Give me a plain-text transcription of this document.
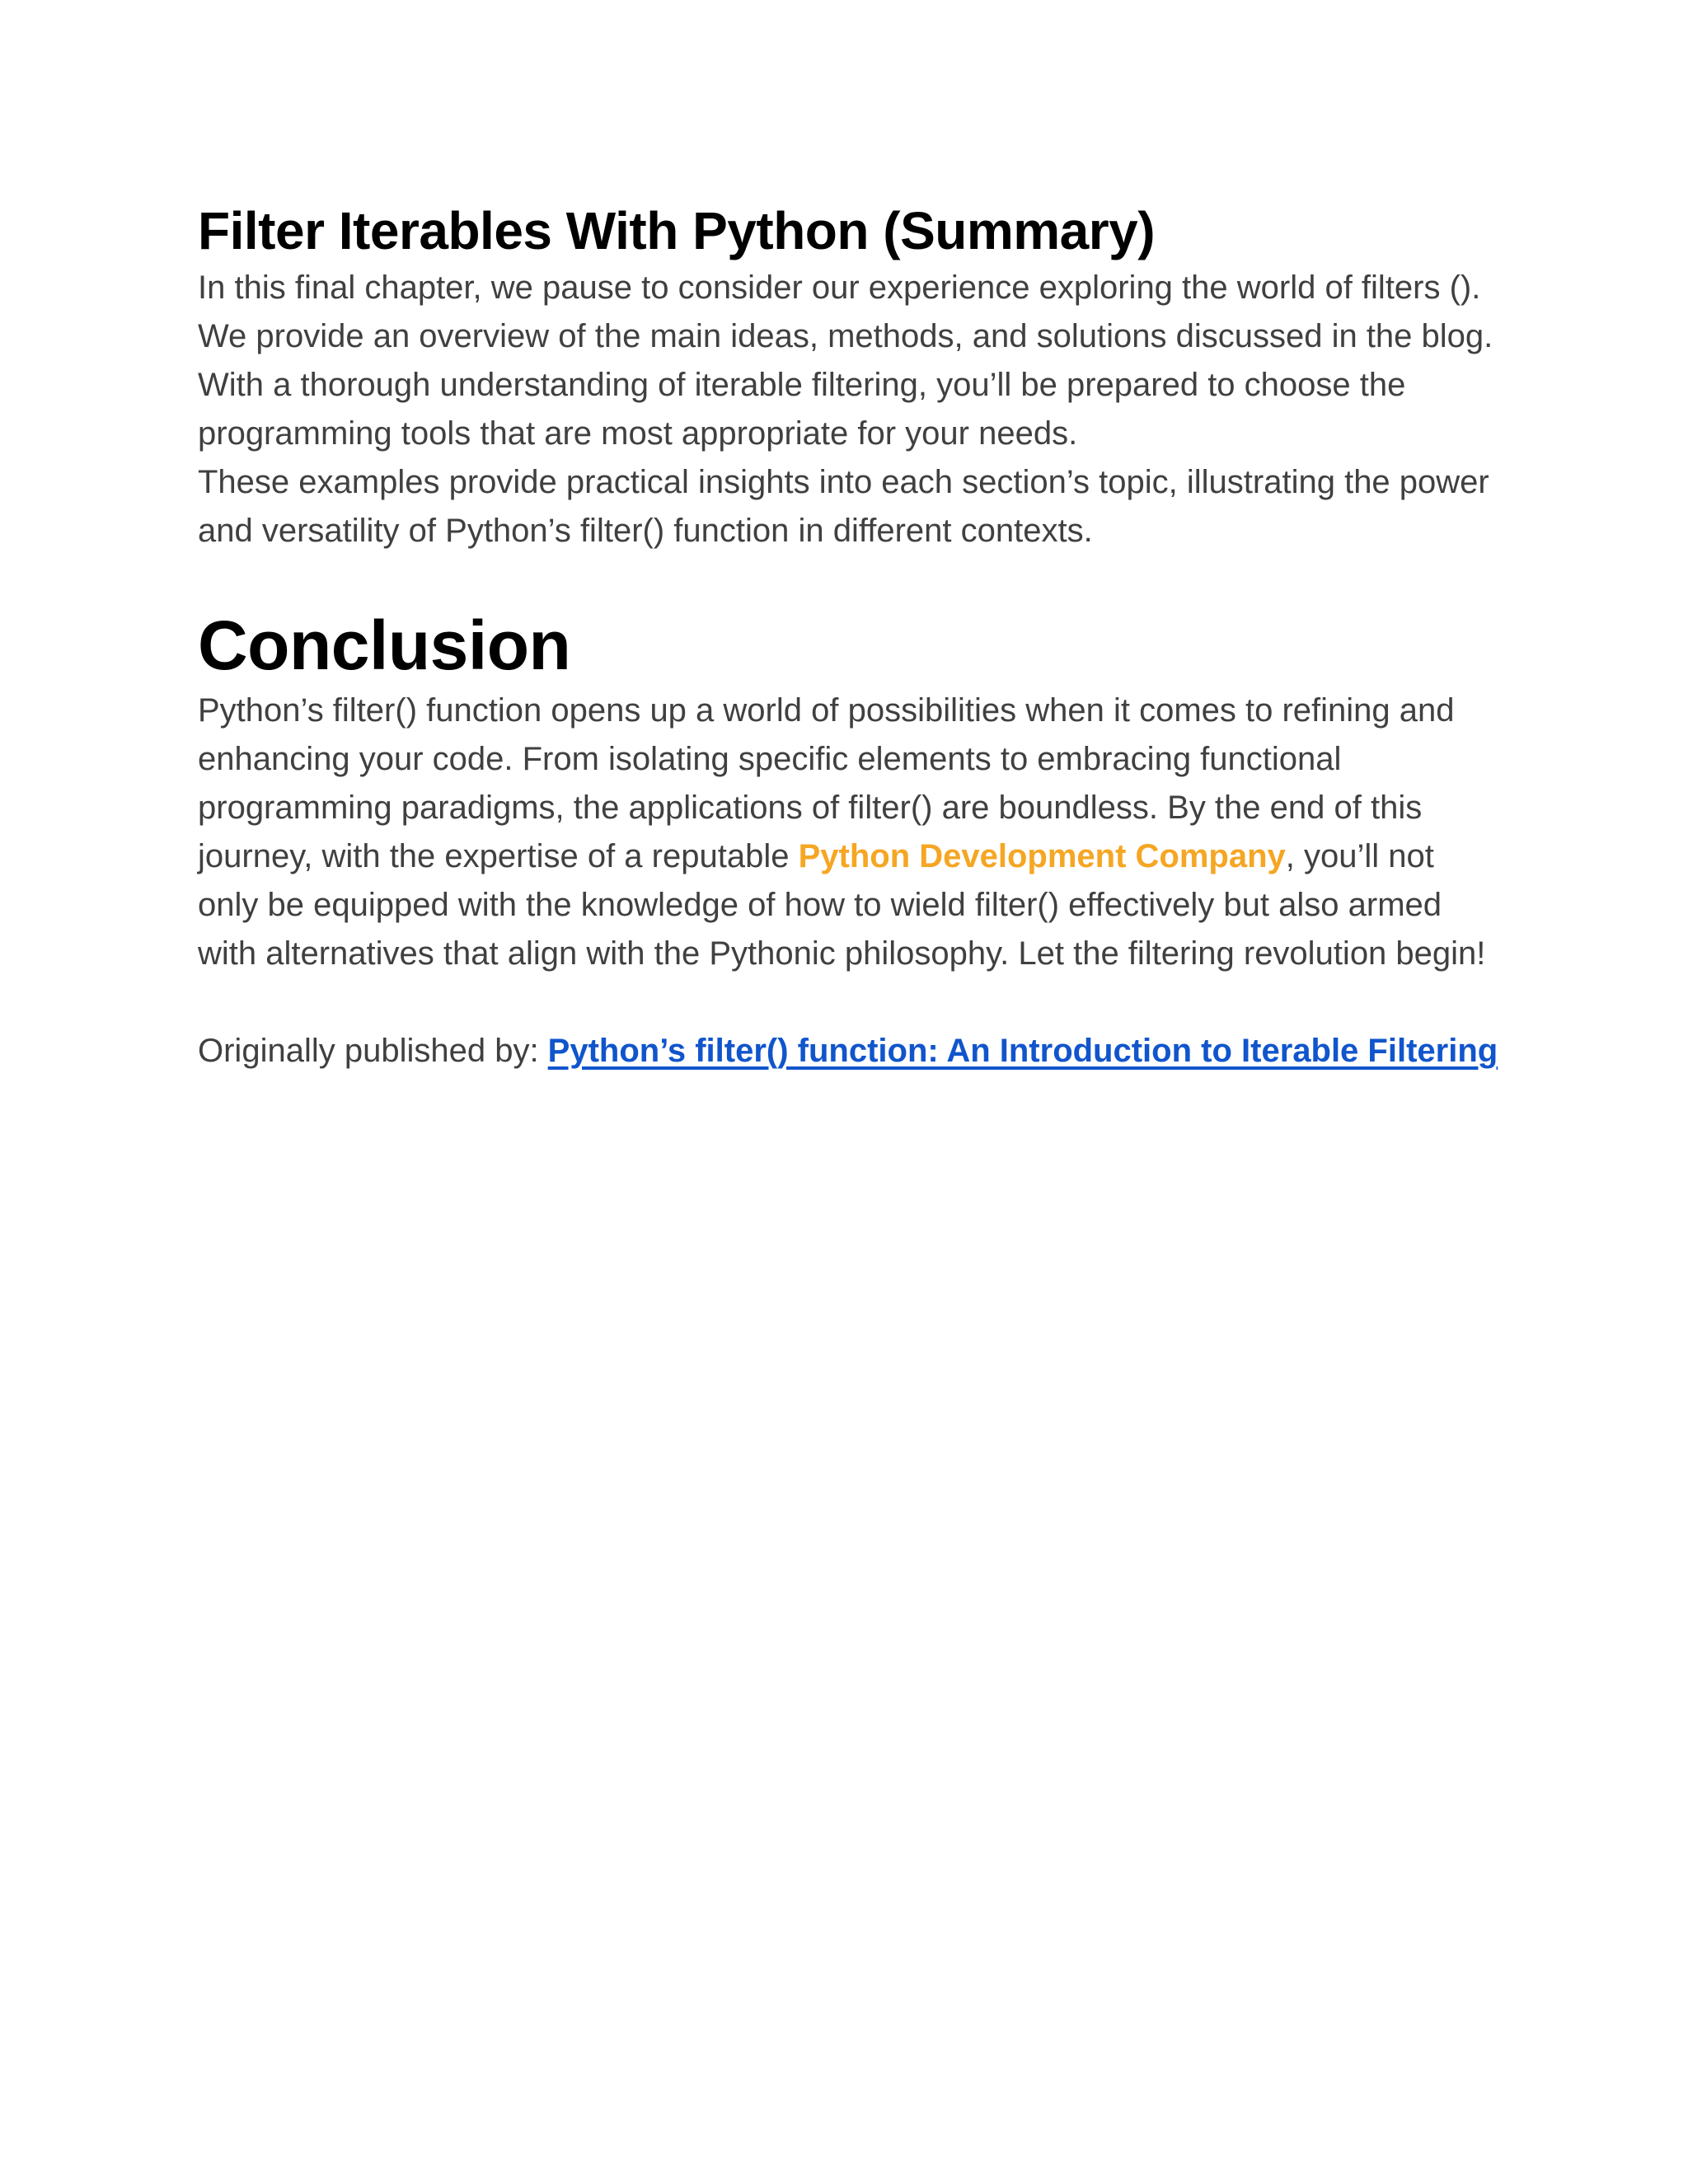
Filter Iterables With Python (Summary)

In this final chapter, we pause to consider our experience exploring the world of filters (). We provide an overview of the main ideas, methods, and solutions discussed in the blog. With a thorough understanding of iterable filtering, you’ll be prepared to choose the programming tools that are most appropriate for your needs.

These examples provide practical insights into each section’s topic, illustrating the power and versatility of Python’s filter() function in different contexts.

Conclusion

Python’s filter() function opens up a world of possibilities when it comes to refining and enhancing your code. From isolating specific elements to embracing functional programming paradigms, the applications of filter() are boundless. By the end of this journey, with the expertise of a reputable Python Development Company, you’ll not only be equipped with the knowledge of how to wield filter() effectively but also armed with alternatives that align with the Pythonic philosophy. Let the filtering revolution begin!

Originally published by: Python’s filter() function: An Introduction to Iterable Filtering
